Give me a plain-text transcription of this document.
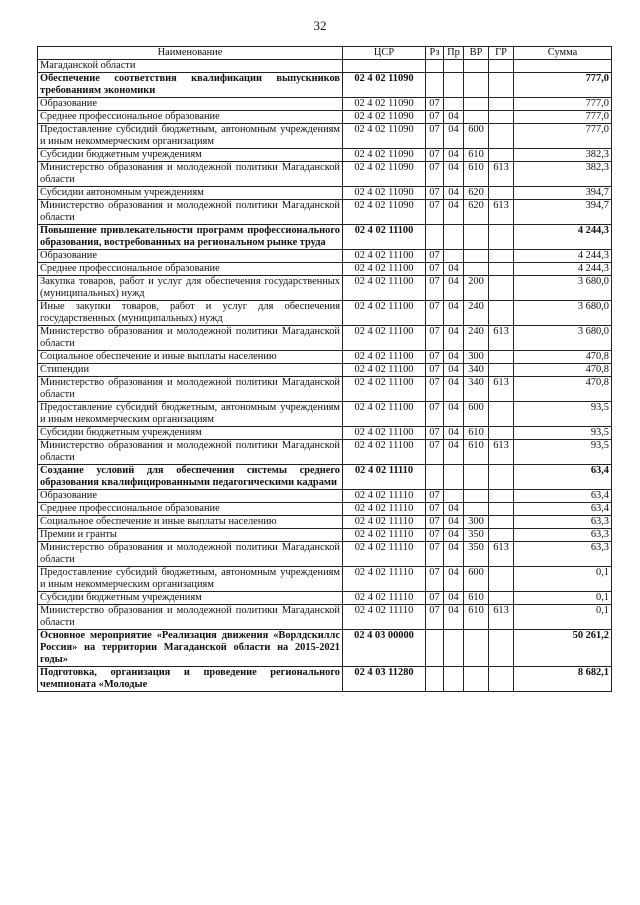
32
Наименование	ЦСР	Рз	Пр	ВР	ГР	Сумма
Магаданской области						
Обеспечение соответствия квалификации выпускников требованиям экономики	02 4 02 11090					777,0
Образование	02 4 02 11090	07				777,0
Среднее профессиональное образование	02 4 02 11090	07	04			777,0
Предоставление субсидий бюджетным, автономным учреждениям и иным некоммерческим организациям	02 4 02 11090	07	04	600		777,0
Субсидии бюджетным учреждениям	02 4 02 11090	07	04	610		382,3
Министерство образования и молодежной политики Магаданской области	02 4 02 11090	07	04	610	613	382,3
Субсидии автономным учреждениям	02 4 02 11090	07	04	620		394,7
Министерство образования и молодежной политики Магаданской области	02 4 02 11090	07	04	620	613	394,7
Повышение привлекательности программ профессионального образования, востребованных на региональном рынке труда	02 4 02 11100					4 244,3
Образование	02 4 02 11100	07				4 244,3
Среднее профессиональное образование	02 4 02 11100	07	04			4 244,3
Закупка товаров, работ и услуг для обеспечения государственных (муниципальных) нужд	02 4 02 11100	07	04	200		3 680,0
Иные закупки товаров, работ и услуг для обеспечения государственных (муниципальных) нужд	02 4 02 11100	07	04	240		3 680,0
Министерство образования и молодежной политики Магаданской области	02 4 02 11100	07	04	240	613	3 680,0
Социальное обеспечение и иные выплаты населению	02 4 02 11100	07	04	300		470,8
Стипендии	02 4 02 11100	07	04	340		470,8
Министерство образования и молодежной политики Магаданской области	02 4 02 11100	07	04	340	613	470,8
Предоставление субсидий бюджетным, автономным учреждениям и иным некоммерческим организациям	02 4 02 11100	07	04	600		93,5
Субсидии бюджетным учреждениям	02 4 02 11100	07	04	610		93,5
Министерство образования и молодежной политики Магаданской области	02 4 02 11100	07	04	610	613	93,5
Создание условий для обеспечения системы среднего образования квалифицированными педагогическими кадрами	02 4 02 11110					63,4
Образование	02 4 02 11110	07				63,4
Среднее профессиональное образование	02 4 02 11110	07	04			63,4
Социальное обеспечение и иные выплаты населению	02 4 02 11110	07	04	300		63,3
Премии и гранты	02 4 02 11110	07	04	350		63,3
Министерство образования и молодежной политики Магаданской области	02 4 02 11110	07	04	350	613	63,3
Предоставление субсидий бюджетным, автономным учреждениям и иным некоммерческим организациям	02 4 02 11110	07	04	600		0,1
Субсидии бюджетным учреждениям	02 4 02 11110	07	04	610		0,1
Министерство образования и молодежной политики Магаданской области	02 4 02 11110	07	04	610	613	0,1
Основное мероприятие «Реализация движения «Ворлдскиллс Россия» на территории Магаданской области на 2015-2021 годы»	02 4 03 00000					50 261,2
Подготовка, организация и проведение регионального чемпионата «Молодые	02 4 03 11280					8 682,1
